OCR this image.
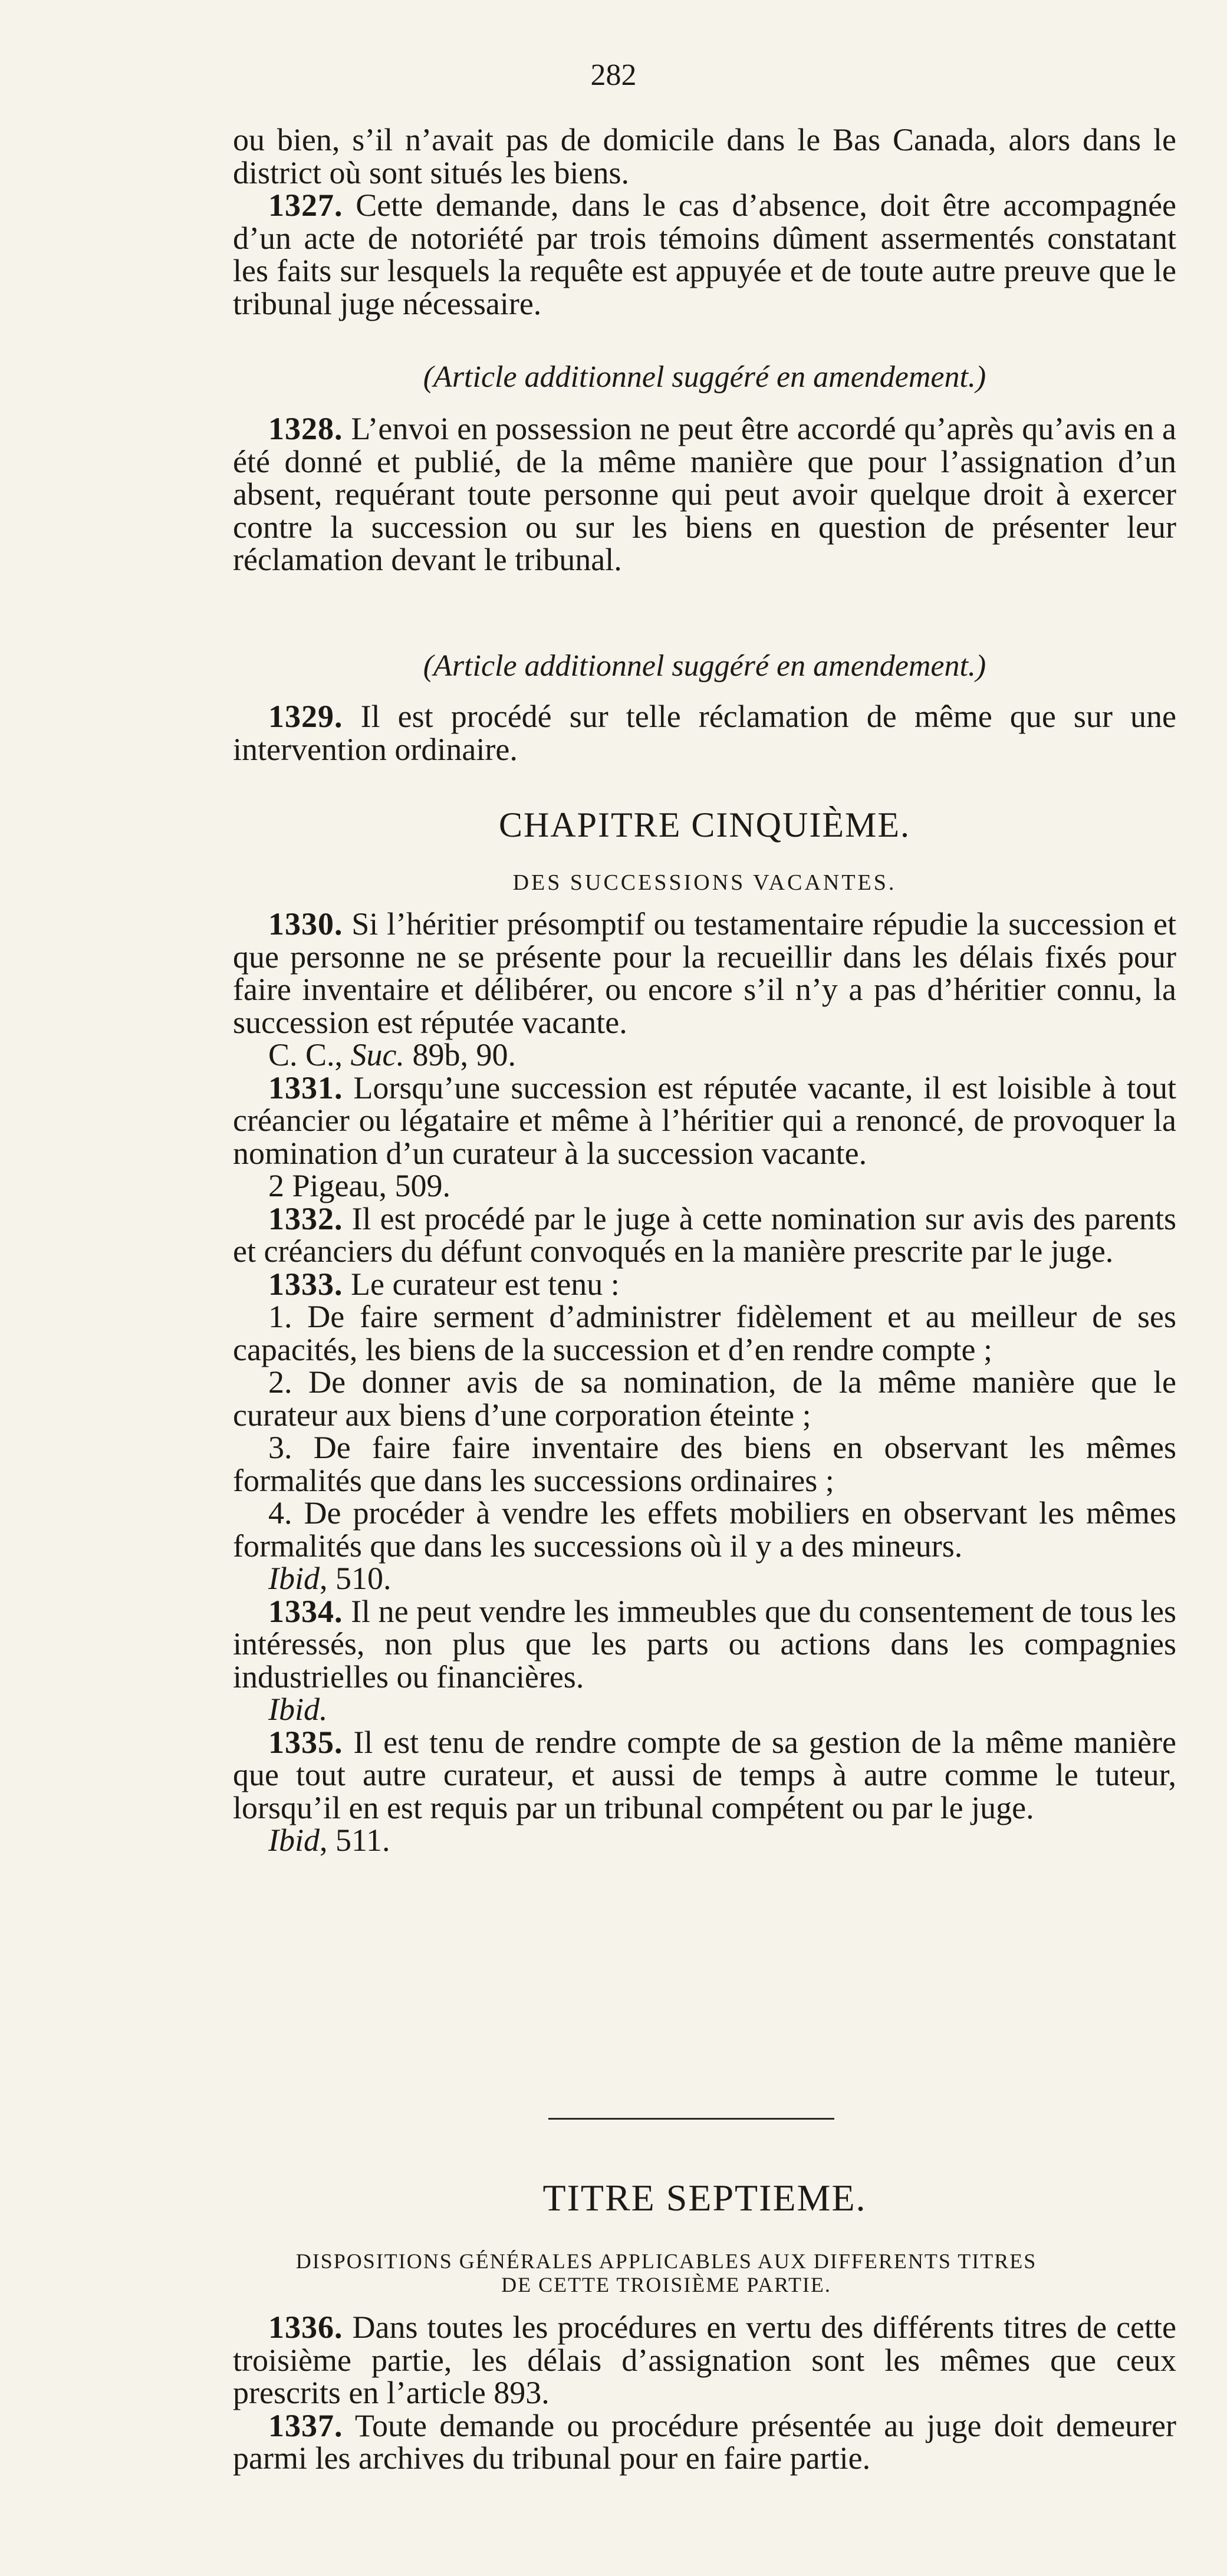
282

ou bien, s’il n’avait pas de domicile dans le Bas Canada, alors dans le district où sont situés les biens.

1327. Cette demande, dans le cas d’absence, doit être accompagnée d’un acte de notoriété par trois témoins dûment assermentés constatant les faits sur lesquels la requête est appuyée et de toute autre preuve que le tribunal juge nécessaire.

(Article additionnel suggéré en amendement.)

1328. L’envoi en possession ne peut être accordé qu’après qu’avis en a été donné et publié, de la même manière que pour l’assignation d’un absent, requérant toute personne qui peut avoir quelque droit à exercer contre la succession ou sur les biens en question de présenter leur réclamation devant le tribunal.

(Article additionnel suggéré en amendement.)

1329. Il est procédé sur telle réclamation de même que sur une intervention ordinaire.

CHAPITRE CINQUIÈME.

DES SUCCESSIONS VACANTES.

1330. Si l’héritier présomptif ou testamentaire répudie la succession et que personne ne se présente pour la recueillir dans les délais fixés pour faire inventaire et délibérer, ou encore s’il n’y a pas d’héritier connu, la succession est réputée vacante.

C. C., Suc. 89b, 90.

1331. Lorsqu’une succession est réputée vacante, il est loisible à tout créancier ou légataire et même à l’héritier qui a renoncé, de provoquer la nomination d’un curateur à la succession vacante.

2 Pigeau, 509.

1332. Il est procédé par le juge à cette nomination sur avis des parents et créanciers du défunt convoqués en la manière prescrite par le juge.

1333. Le curateur est tenu :

1. De faire serment d’administrer fidèlement et au meilleur de ses capacités, les biens de la succession et d’en rendre compte ;

2. De donner avis de sa nomination, de la même manière que le curateur aux biens d’une corporation éteinte ;

3. De faire faire inventaire des biens en observant les mêmes formalités que dans les successions ordinaires ;

4. De procéder à vendre les effets mobiliers en observant les mêmes formalités que dans les successions où il y a des mineurs.

Ibid, 510.

1334. Il ne peut vendre les immeubles que du consentement de tous les intéressés, non plus que les parts ou actions dans les compagnies industrielles ou financières.

Ibid.

1335. Il est tenu de rendre compte de sa gestion de la même manière que tout autre curateur, et aussi de temps à autre comme le tuteur, lorsqu’il en est requis par un tribunal compétent ou par le juge.

Ibid, 511.

TITRE SEPTIEME.

DISPOSITIONS GÉNÉRALES APPLICABLES AUX DIFFERENTS TITRES DE CETTE TROISIÈME PARTIE.

1336. Dans toutes les procédures en vertu des différents titres de cette troisième partie, les délais d’assignation sont les mêmes que ceux prescrits en l’article 893.

1337. Toute demande ou procédure présentée au juge doit demeurer parmi les archives du tribunal pour en faire partie.
